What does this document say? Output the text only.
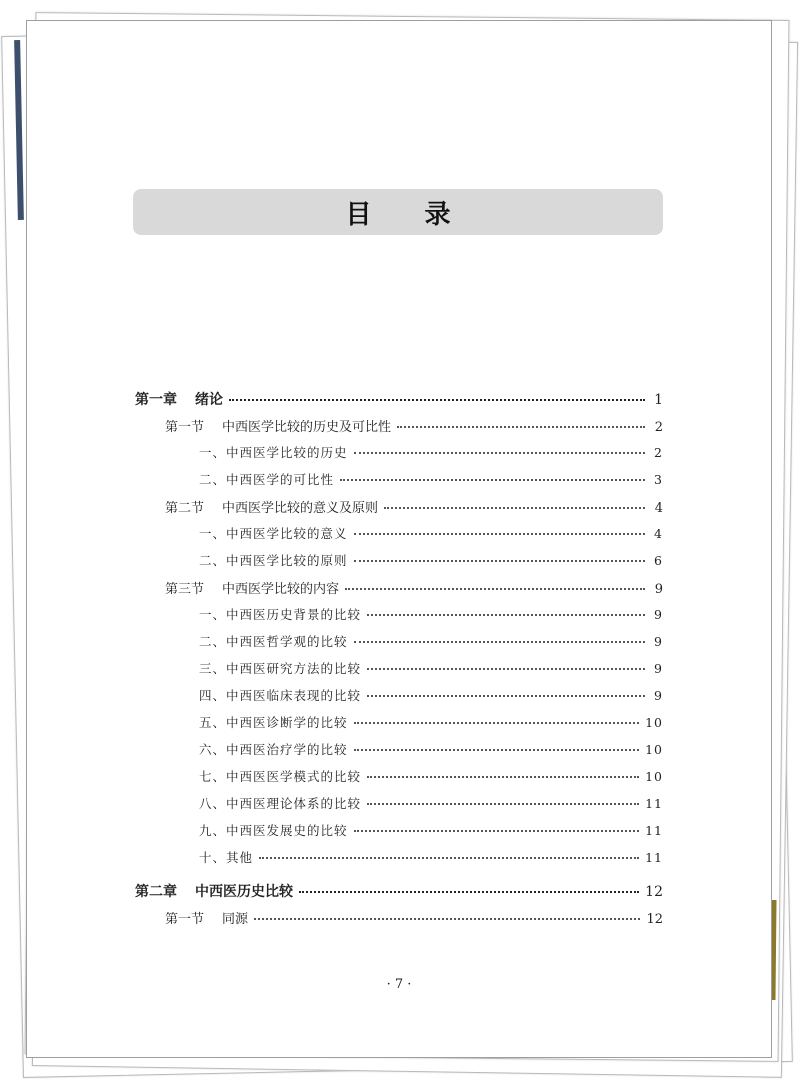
目 录
第一章 绪论	1
第一节 中西医学比较的历史及可比性	2
一、中西医学比较的历史	2
二、中西医学的可比性	3
第二节 中西医学比较的意义及原则	4
一、中西医学比较的意义	4
二、中西医学比较的原则	6
第三节 中西医学比较的内容	9
一、中西医历史背景的比较	9
二、中西医哲学观的比较	9
三、中西医研究方法的比较	9
四、中西医临床表现的比较	9
五、中西医诊断学的比较	10
六、中西医治疗学的比较	10
七、中西医医学模式的比较	10
八、中西医理论体系的比较	11
九、中西医发展史的比较	11
十、其他	11
第二章 中西医历史比较	12
第一节 同源	12
· 7 ·
